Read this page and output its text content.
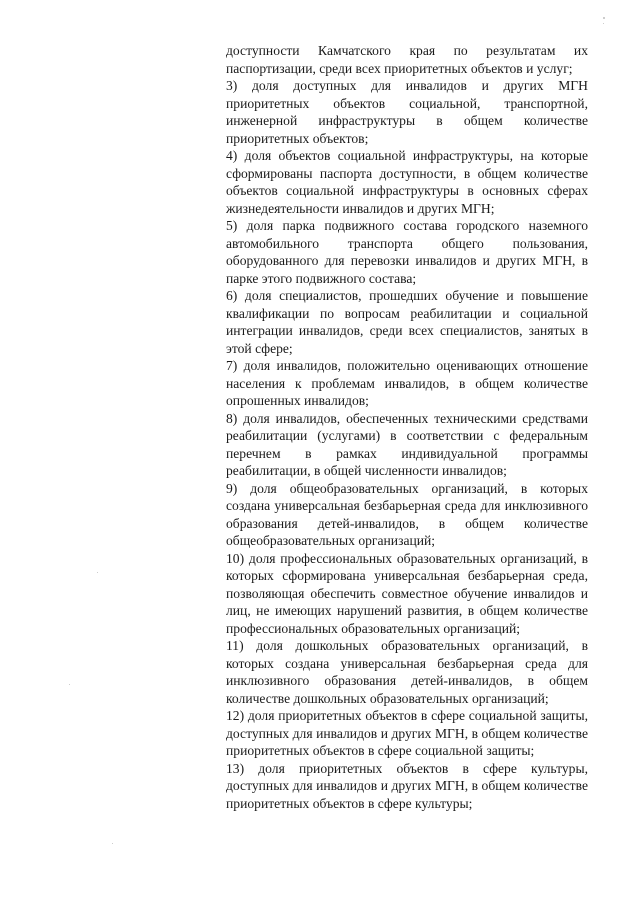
доступности Камчатского края по результатам их паспортизации, среди всех приоритетных объектов и услуг;

3) доля доступных для инвалидов и других МГН приоритетных объектов социальной, транспортной, инженерной инфраструктуры в общем количестве приоритетных объектов;

4) доля объектов социальной инфраструктуры, на которые сформированы паспорта доступности, в общем количестве объектов социальной инфраструктуры в основных сферах жизнедеятельности инвалидов и других МГН;

5) доля парка подвижного состава городского наземного автомобильного транспорта общего пользования, оборудованного для перевозки инвалидов и других МГН, в парке этого подвижного состава;

6) доля специалистов, прошедших обучение и повышение квалификации по вопросам реабилитации и социальной интеграции инвалидов, среди всех специалистов, занятых в этой сфере;

7) доля инвалидов, положительно оценивающих отношение населения к проблемам инвалидов, в общем количестве опрошенных инвалидов;

8) доля инвалидов, обеспеченных техническими средствами реабилитации (услугами) в соответствии с федеральным перечнем в рамках индивидуальной программы реабилитации, в общей численности инвалидов;

9) доля общеобразовательных организаций, в которых создана универсальная безбарьерная среда для инклюзивного образования детей-инвалидов, в общем количестве общеобразовательных организаций;

10) доля профессиональных образовательных организаций, в которых сформирована универсальная безбарьерная среда, позволяющая обеспечить совместное обучение инвалидов и лиц, не имеющих нарушений развития, в общем количестве профессиональных образовательных организаций;

11) доля дошкольных образовательных организаций, в которых создана универсальная безбарьерная среда для инклюзивного образования детей-инвалидов, в общем количестве дошкольных образовательных организаций;

12) доля приоритетных объектов в сфере социальной защиты, доступных для инвалидов и других МГН, в общем количестве приоритетных объектов в сфере социальной защиты;

13) доля приоритетных объектов в сфере культуры, доступных для инвалидов и других МГН, в общем количестве приоритетных объектов в сфере культуры;
